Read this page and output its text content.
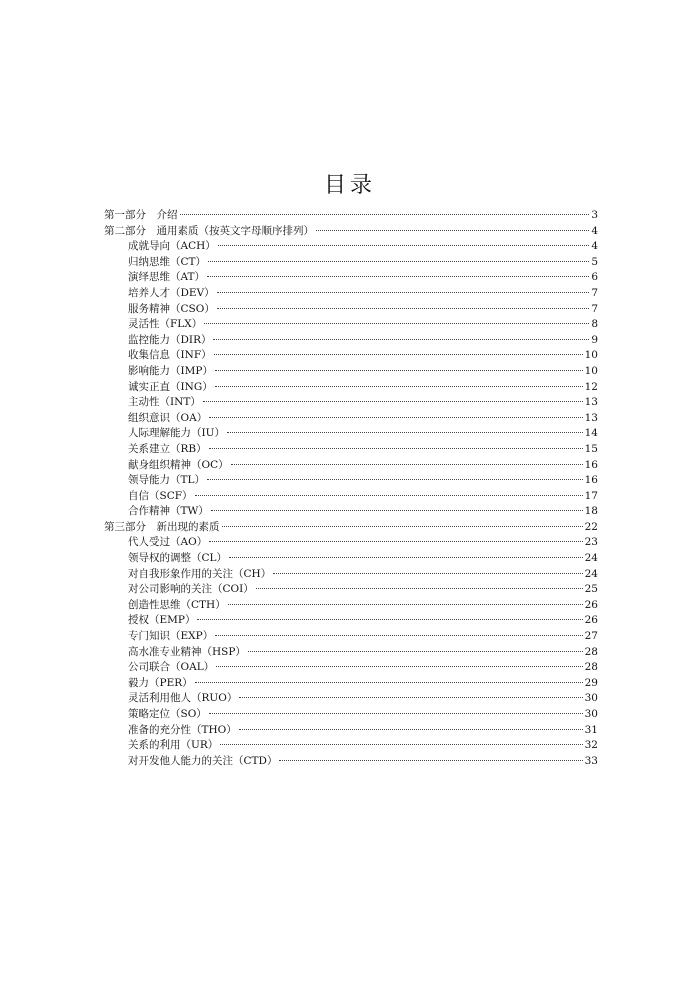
目录
第一部分　介绍	3
第二部分　通用素质（按英文字母顺序排列）	4
成就导向（ACH）	4
归纳思维（CT）	5
演绎思维（AT）	6
培养人才（DEV）	7
服务精神（CSO）	7
灵活性（FLX）	8
监控能力（DIR）	9
收集信息（INF）	10
影响能力（IMP）	10
诚实正直（ING）	12
主动性（INT）	13
组织意识（OA）	13
人际理解能力（IU）	14
关系建立（RB）	15
献身组织精神（OC）	16
领导能力（TL）	16
自信（SCF）	17
合作精神（TW）	18
第三部分　新出现的素质	22
代人受过（AO）	23
领导权的调整（CL）	24
对自我形象作用的关注（CH）	24
对公司影响的关注（COI）	25
创造性思维（CTH）	26
授权（EMP）	26
专门知识（EXP）	27
高水准专业精神（HSP）	28
公司联合（OAL）	28
毅力（PER）	29
灵活利用他人（RUO）	30
策略定位（SO）	30
准备的充分性（THO）	31
关系的利用（UR）	32
对开发他人能力的关注（CTD）	33
